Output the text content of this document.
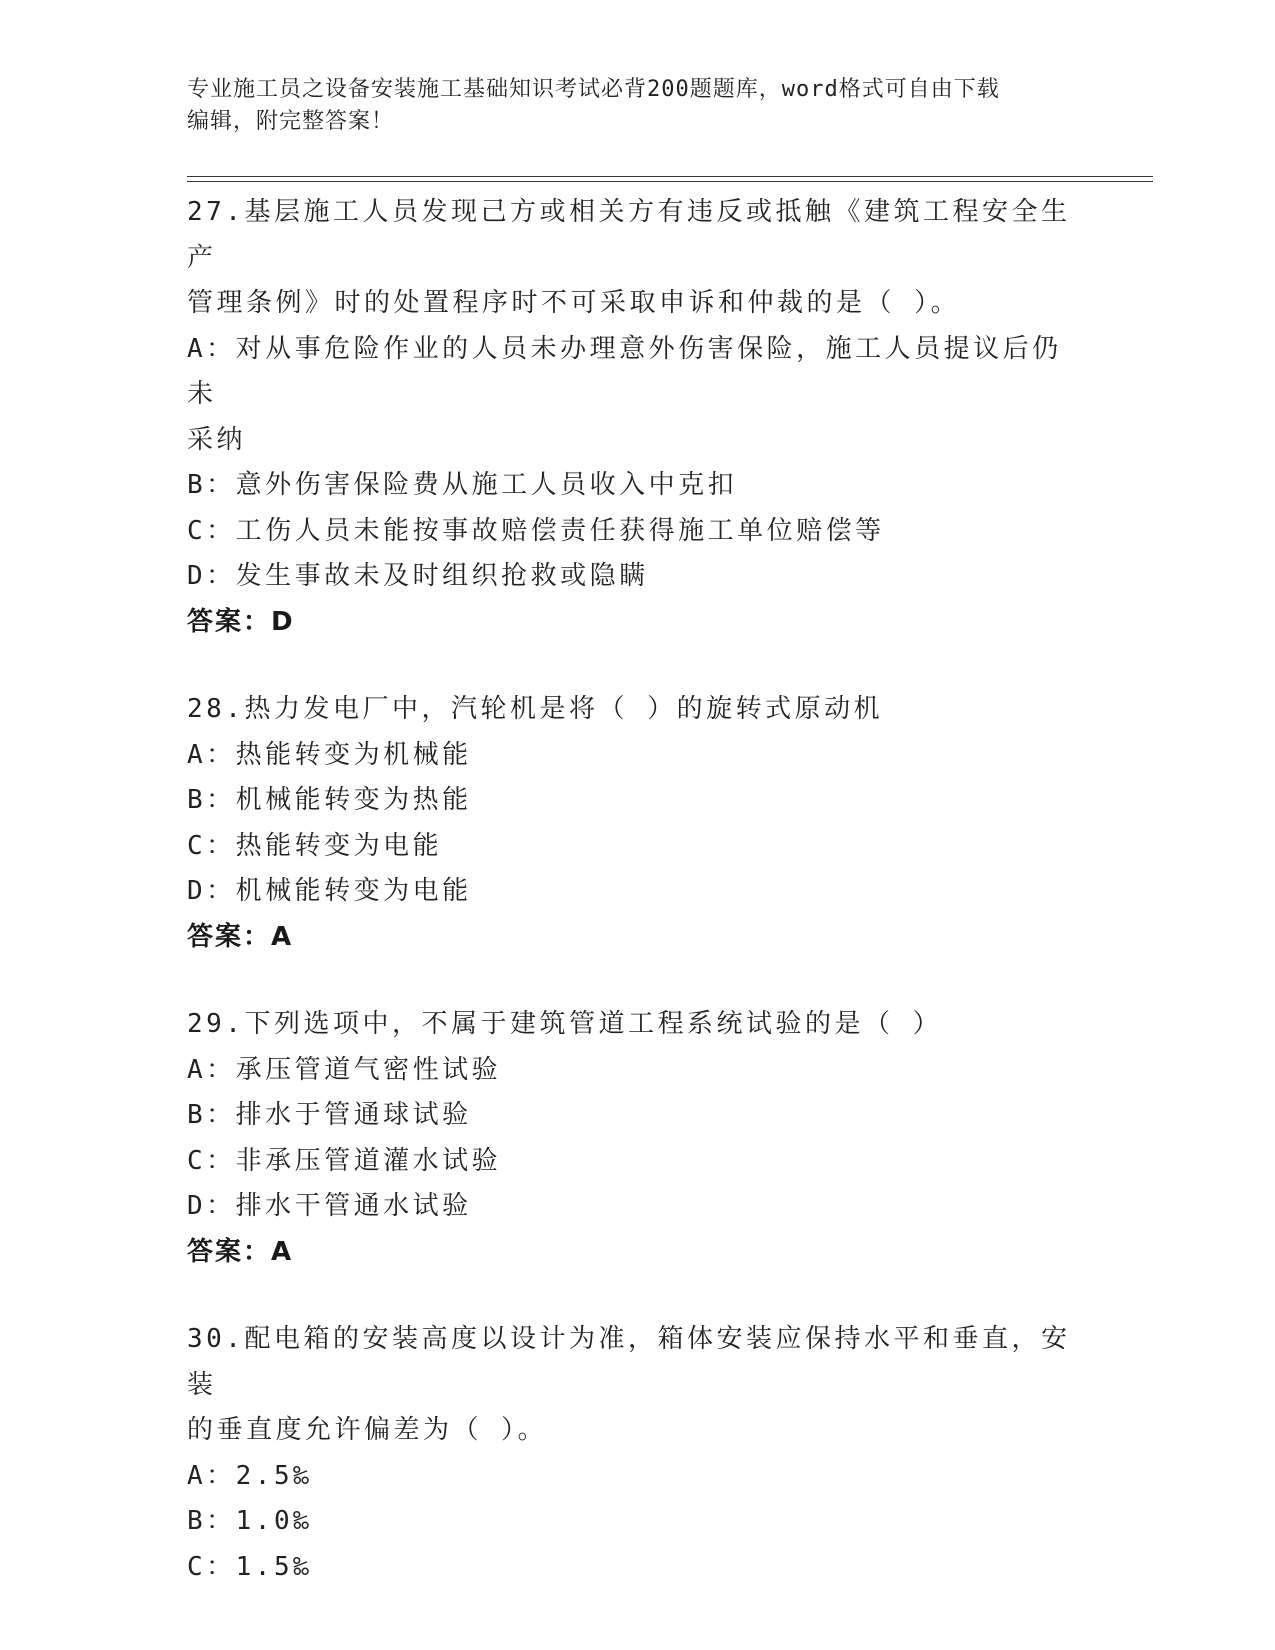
专业施工员之设备安装施工基础知识考试必背200题题库，word格式可自由下载
编辑，附完整答案！
27.基层施工人员发现己方或相关方有违反或抵触《建筑工程安全生产
管理条例》时的处置程序时不可采取申诉和仲裁的是（ ）。
A：对从事危险作业的人员未办理意外伤害保险，施工人员提议后仍未
采纳
B：意外伤害保险费从施工人员收入中克扣
C：工伤人员未能按事故赔偿责任获得施工单位赔偿等
D：发生事故未及时组织抢救或隐瞒
答案：D
28.热力发电厂中，汽轮机是将（ ）的旋转式原动机
A：热能转变为机械能
B：机械能转变为热能
C：热能转变为电能
D：机械能转变为电能
答案：A
29.下列选项中，不属于建筑管道工程系统试验的是（ ）
A：承压管道气密性试验
B：排水于管通球试验
C：非承压管道灌水试验
D：排水干管通水试验
答案：A
30.配电箱的安装高度以设计为准，箱体安装应保持水平和垂直，安装
的垂直度允许偏差为（ ）。
A：2.5‰
B：1.0‰
C：1.5‰
